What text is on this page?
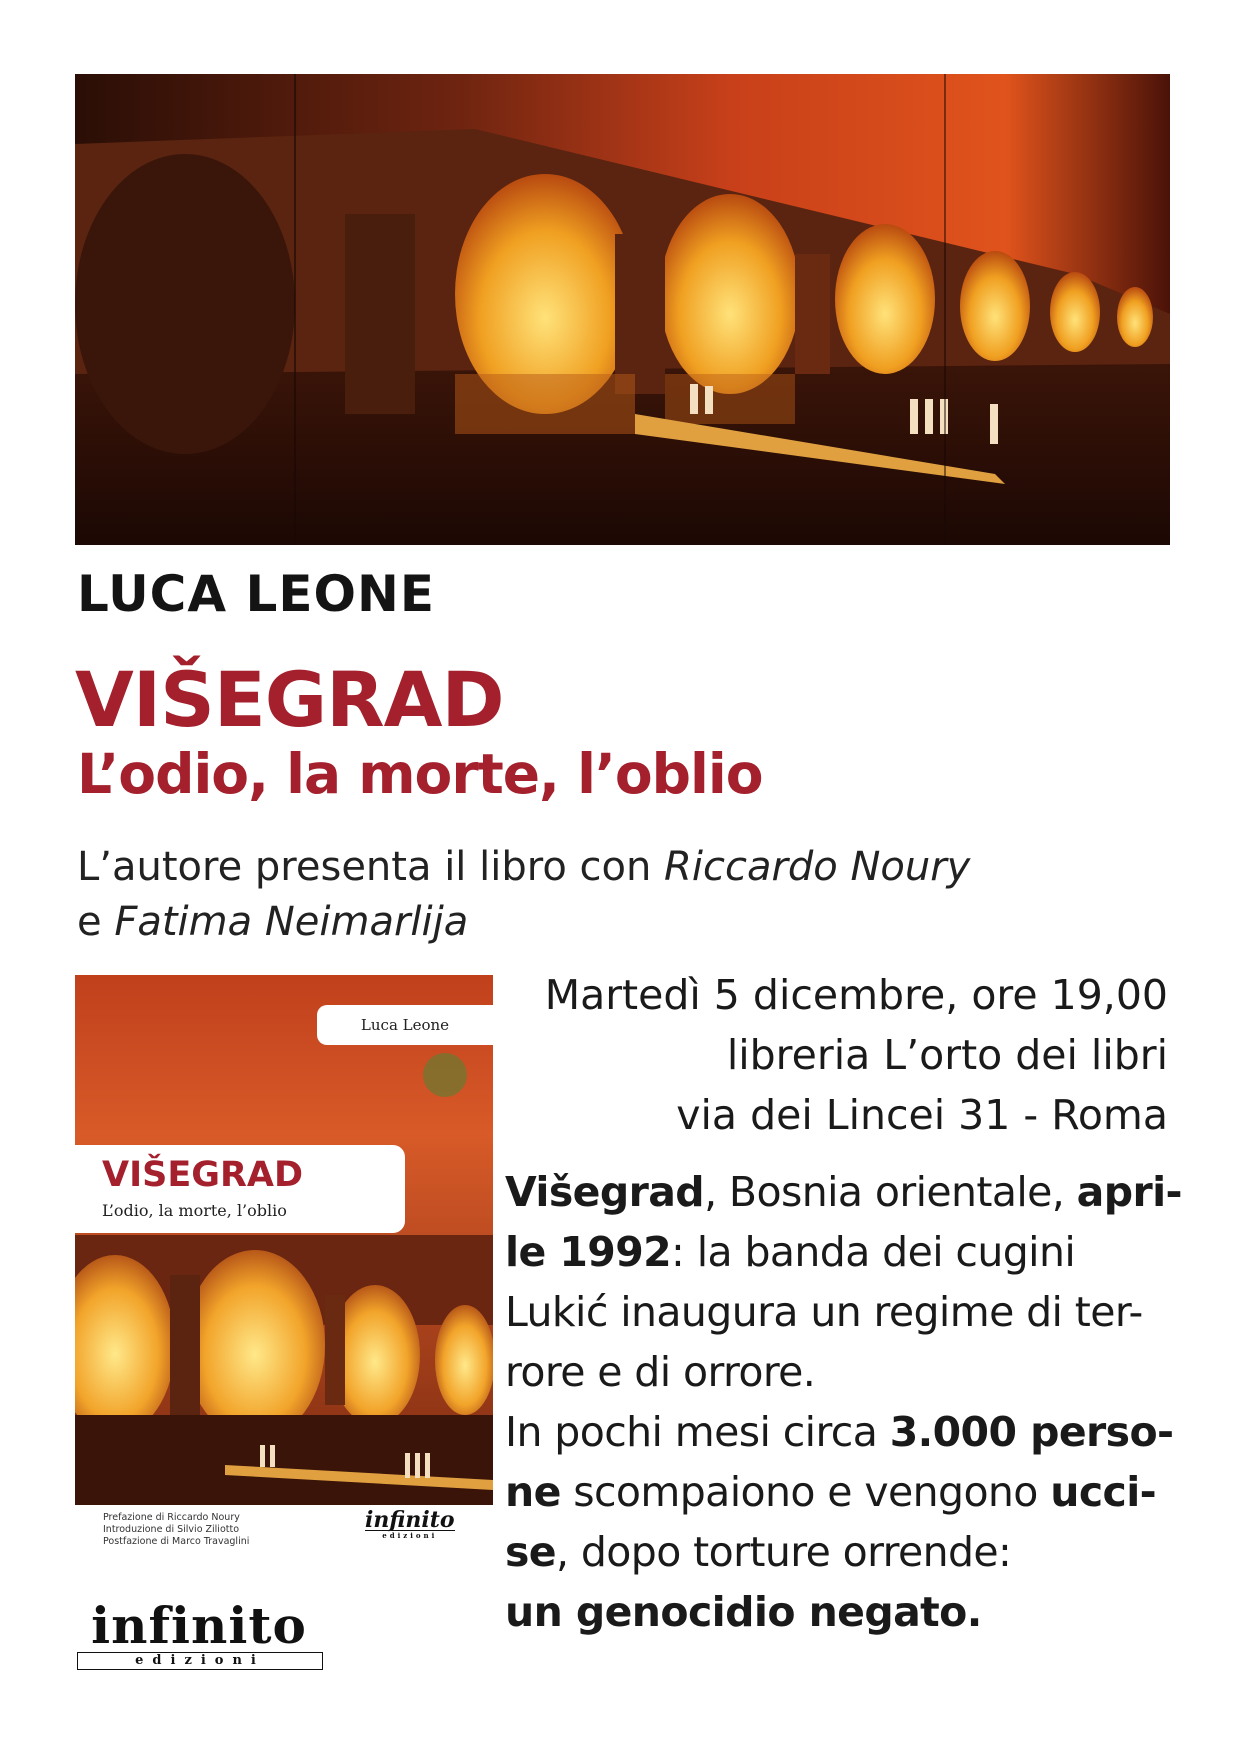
LUCA LEONE
VIŠEGRAD
L’odio, la morte, l’oblio
L’autore presenta il libro con Riccardo Noury
e Fatima Neimarlija
Luca Leone
VIŠEGRAD
L’odio, la morte, l’oblio
Prefazione di Riccardo Noury
Introduzione di Silvio Ziliotto
Postfazione di Marco Travaglini
infinito
edizioni
Martedì 5 dicembre, ore 19,00
libreria L’orto dei libri
via dei Lincei 31 - Roma
Višegrad, Bosnia orientale, apri-
le 1992: la banda dei cugini
Lukić inaugura un regime di ter-
rore e di orrore.
In pochi mesi circa 3.000 perso-
ne scompaiono e vengono ucci-
se, dopo torture orrende:
un genocidio negato.
infinito
edizioni
